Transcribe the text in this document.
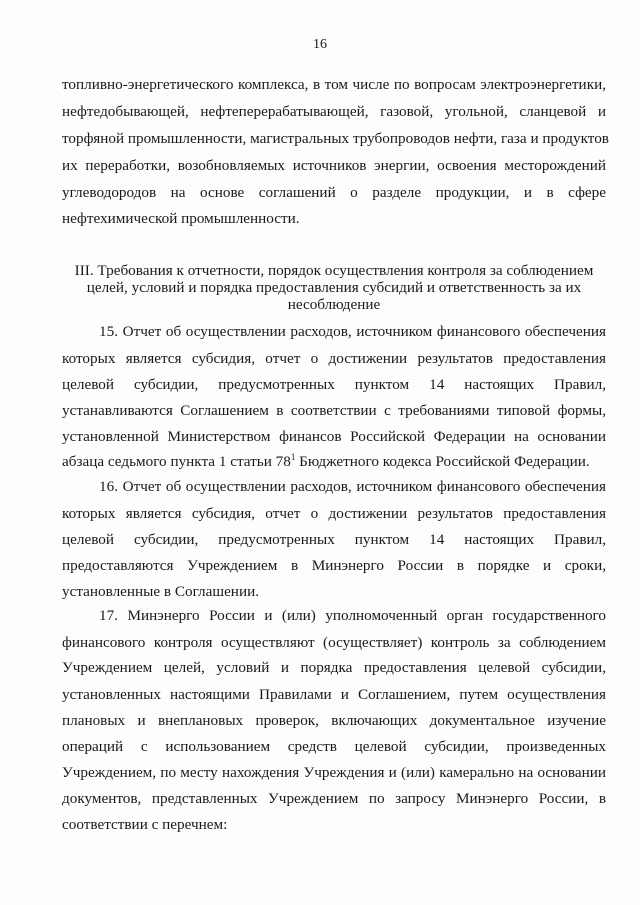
16
топливно-энергетического комплекса, в том числе по вопросам электроэнергетики,
нефтедобывающей, нефтеперерабатывающей, газовой, угольной, сланцевой и
торфяной промышленности, магистральных трубопроводов нефти, газа и продуктов
их переработки, возобновляемых источников энергии, освоения месторождений
углеводородов на основе соглашений о разделе продукции, и в сфере
нефтехимической промышленности.
III. Требования к отчетности, порядок осуществления контроля за соблюдением
целей, условий и порядка предоставления субсидий и ответственность за их
несоблюдение
15. Отчет об осуществлении расходов, источником финансового обеспечения
которых является субсидия, отчет о достижении результатов предоставления
целевой субсидии, предусмотренных пунктом 14 настоящих Правил,
устанавливаются Соглашением в соответствии с требованиями типовой формы,
установленной Министерством финансов Российской Федерации на основании
абзаца седьмого пункта 1 статьи $78^1$ Бюджетного кодекса Российской Федерации.
16. Отчет об осуществлении расходов, источником финансового обеспечения
которых является субсидия, отчет о достижении результатов предоставления
целевой субсидии, предусмотренных пунктом 14 настоящих Правил,
предоставляются Учреждением в Минэнерго России в порядке и сроки,
установленные в Соглашении.
17. Минэнерго России и (или) уполномоченный орган государственного
финансового контроля осуществляют (осуществляет) контроль за соблюдением
Учреждением целей, условий и порядка предоставления целевой субсидии,
установленных настоящими Правилами и Соглашением, путем осуществления
плановых и внеплановых проверок, включающих документальное изучение
операций с использованием средств целевой субсидии, произведенных
Учреждением, по месту нахождения Учреждения и (или) камерально на основании
документов, представленных Учреждением по запросу Минэнерго России, в
соответствии с перечнем:
